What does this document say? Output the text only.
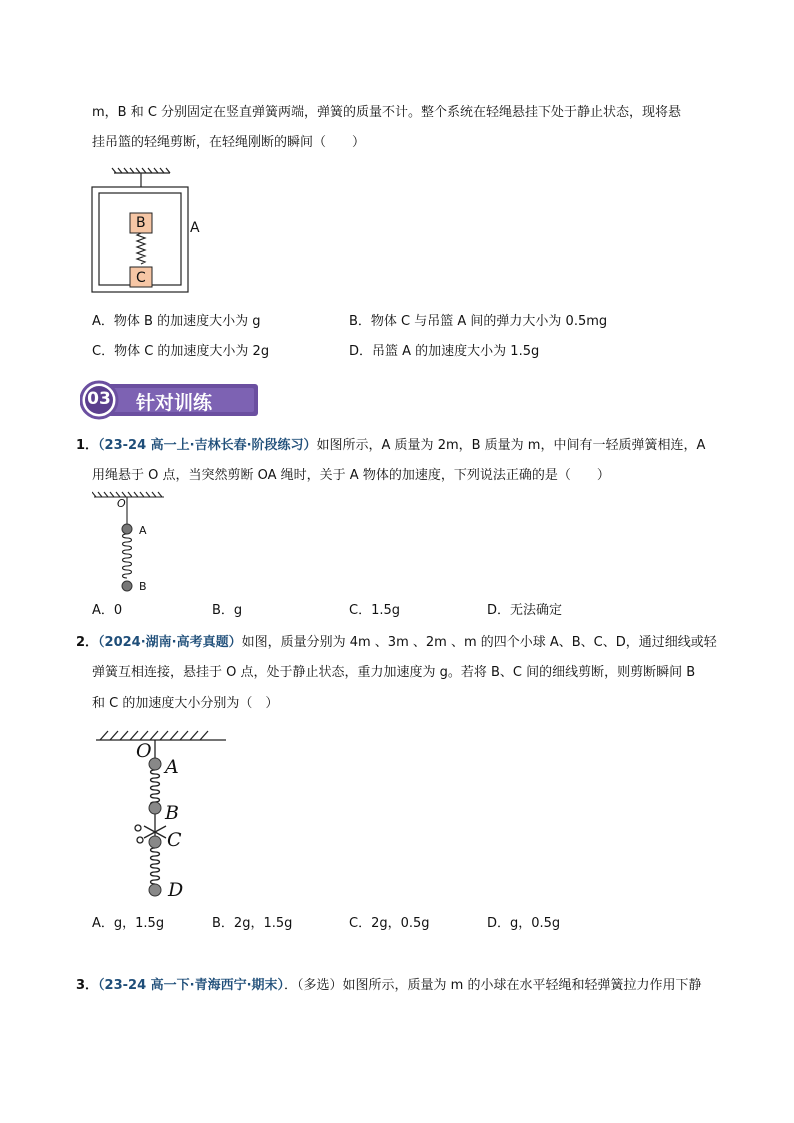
m，B 和 C 分别固定在竖直弹簧两端，弹簧的质量不计。整个系统在轻绳悬挂下处于静止状态，现将悬
挂吊篮的轻绳剪断，在轻绳刚断的瞬间（　　）
B
C
A
A．物体 B 的加速度大小为 g	B．物体 C 与吊篮 A 间的弹力大小为 0.5mg
C．物体 C 的加速度大小为 2g	D．吊篮 A 的加速度大小为 1.5g
03 针对训练
1．（23-24 高一上·吉林长春·阶段练习）如图所示，A 质量为 2m，B 质量为 m，中间有一轻质弹簧相连，A
用绳悬于 O 点，当突然剪断 OA 绳时，关于 A 物体的加速度，下列说法正确的是（　　）
O
A
B
A．0	B．g	C．1.5g	D．无法确定
2．（2024·湖南·高考真题）如图，质量分别为 4m 、3m 、2m 、m 的四个小球 A、B、C、D，通过细线或轻
弹簧互相连接，悬挂于 O 点，处于静止状态，重力加速度为 g。若将 B、C 间的细线剪断，则剪断瞬间 B
和 C 的加速度大小分别为（　）
O
A
B
C
D
A．g，1.5g	B．2g，1.5g	C．2g，0.5g	D．g，0.5g
3．（23-24 高一下·青海西宁·期末）．（多选）如图所示，质量为 m 的小球在水平轻绳和轻弹簧拉力作用下静
